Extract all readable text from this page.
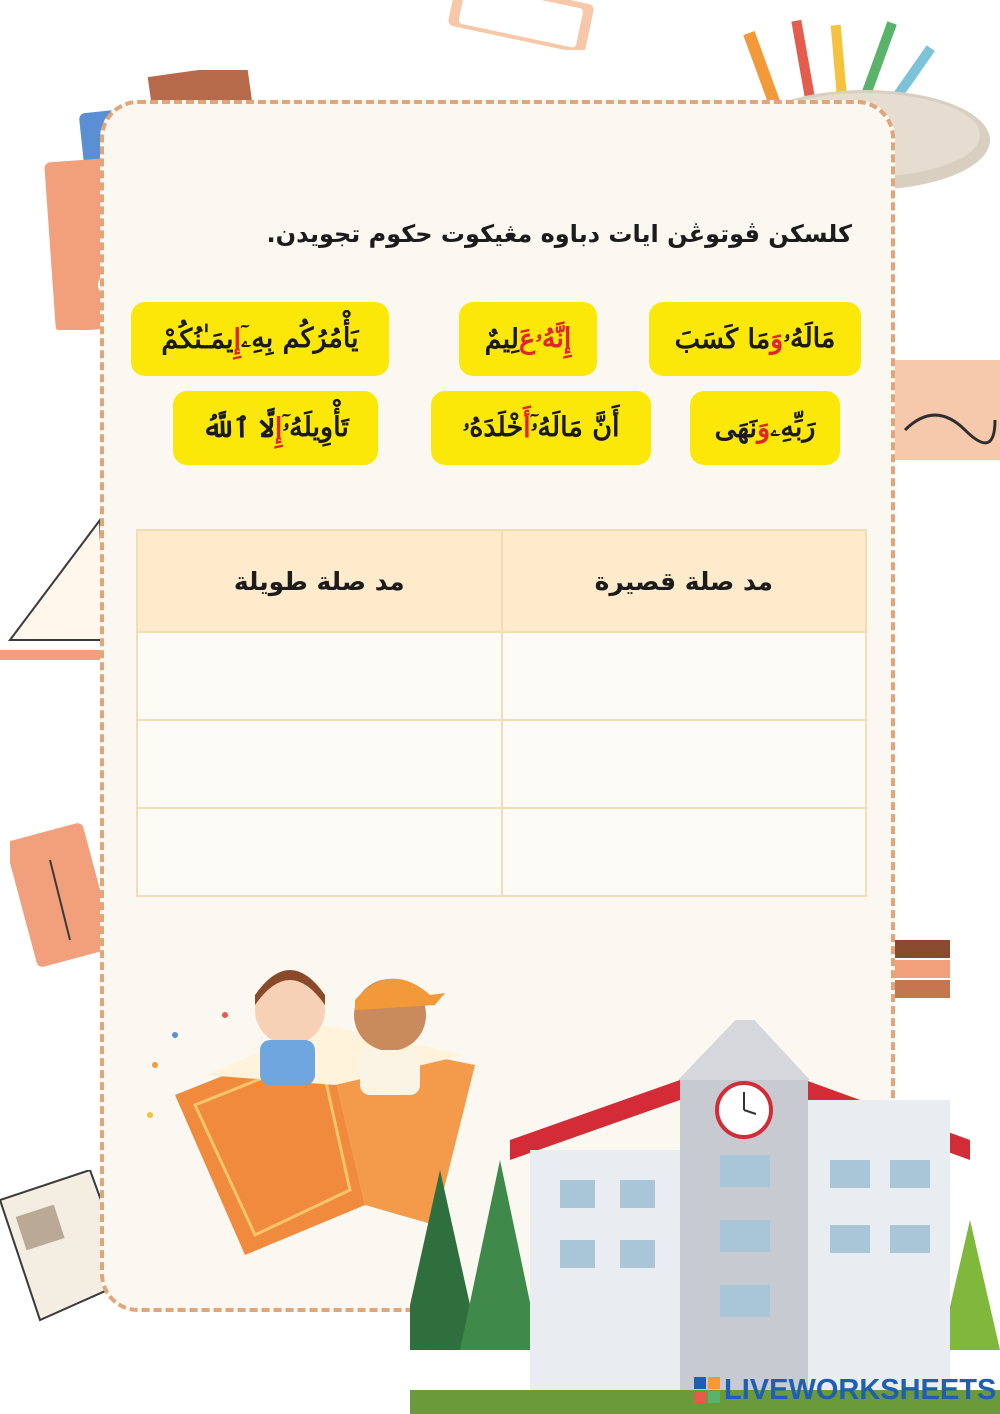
كلسكن ڤوتوڠن ايات دباوه مڠيكوت حکوم تجويدن.
مَالَهُۥ
وَ
مَا كَسَبَ
إِنَّهُۥ
عَ
لِيمٌ
يَأْمُرُكُم بِهِۦٓ
إِ
يمَـٰنُكُمْ
رَبِّهِۦ
وَ
نَهَى
أَنَّ مَالَهُۥٓ
أَ
خْلَدَهُۥ
تَأْوِيلَهُۥٓ
إِ
لَّا ٱللَّهُ
مد صلة قصيرة	مد صلة طويلة

LIVEWORKSHEETS
